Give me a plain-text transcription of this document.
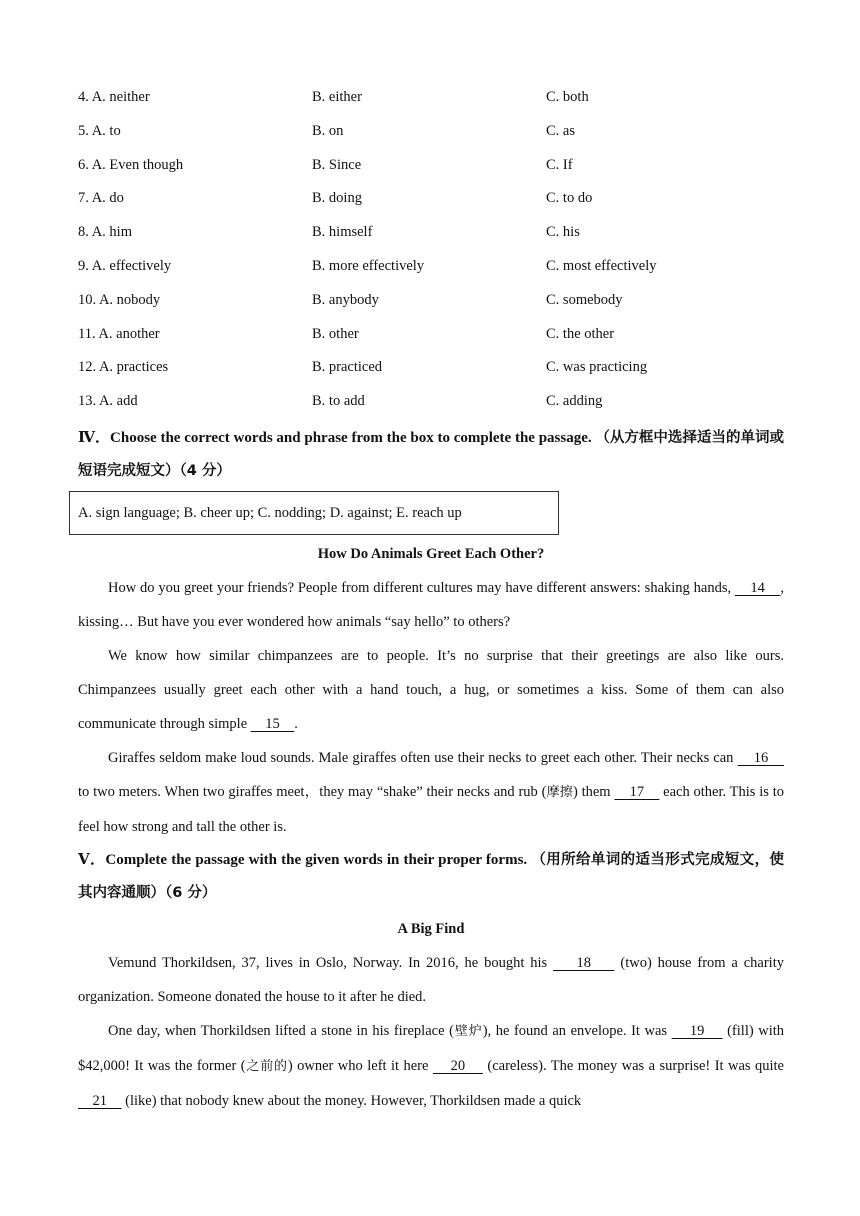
4. A. neither	B. either	C. both
5. A. to	B. on	C. as
6. A. Even though	B. Since	C. If
7. A. do	B. doing	C. to do
8. A. him	B. himself	C. his
9. A. effectively	B. more effectively	C. most effectively
10. A. nobody	B. anybody	C. somebody
11. A. another	B. other	C. the other
12. A. practices	B. practiced	C. was practicing
13. A. add	B. to add	C. adding
Ⅳ．Choose the correct words and phrase from the box to complete the passage. （从方框中选择适当的单词或短语完成短文）（4 分）
A. sign language; B. cheer up; C. nodding; D. against; E. reach up
How Do Animals Greet Each Other?

How do you greet your friends? People from different cultures may have different answers: shaking hands,     14    , kissing… But have you ever wondered how animals “say hello” to others?

We know how similar chimpanzees are to people. It’s no surprise that their greetings are also like ours. Chimpanzees usually greet each other with a hand touch, a hug, or sometimes a kiss. Some of them can also communicate through simple     15    .

Giraffes seldom make loud sounds. Male giraffes often use their necks to greet each other. Their necks can     16     to two meters. When two giraffes meet，they may “shake” their necks and rub (摩擦) them     17     each other. This is to feel how strong and tall the other is.

Ⅴ．Complete the passage with the given words in their proper forms. （用所给单词的适当形式完成短文，使其内容通顺）（6 分）
A Big Find

Vemund Thorkildsen, 37, lives in Oslo, Norway. In 2016, he bought his     18     (two) house from a charity organization. Someone donated the house to it after he died.

One day, when Thorkildsen lifted a stone in his fireplace (壁炉), he found an envelope. It was     19     (fill) with $42,000! It was the former (之前的) owner who left it here     20     (careless). The money was a surprise! It was quite     21     (like) that nobody knew about the money. However, Thorkildsen made a quick
